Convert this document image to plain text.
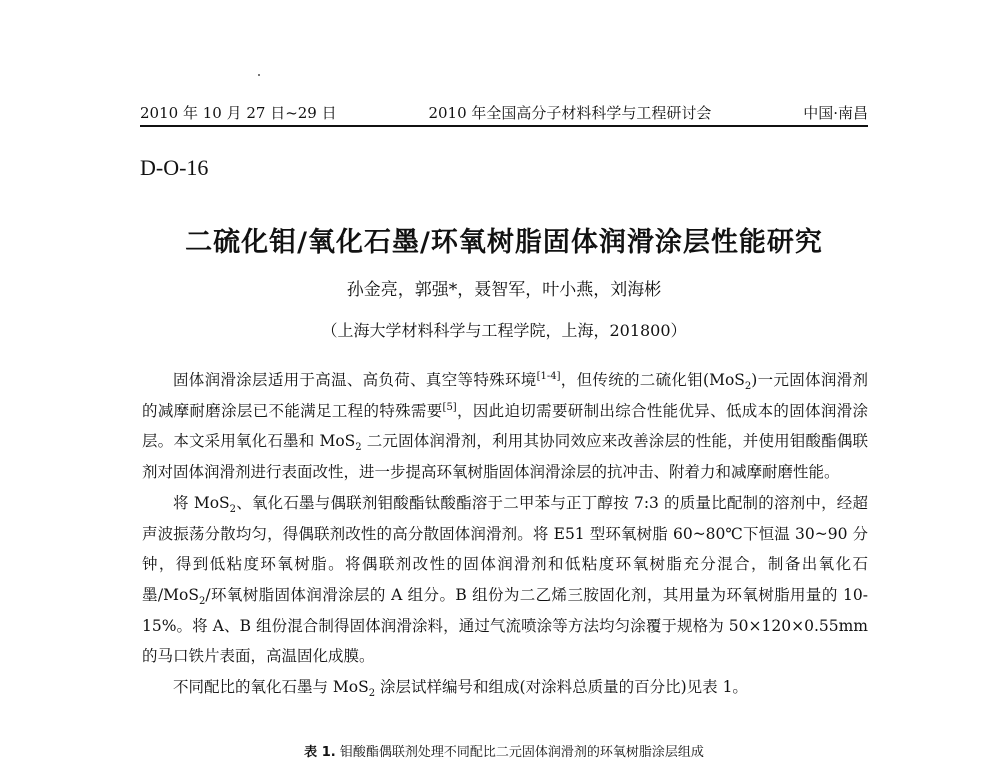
2010 年 10 月 27 日~29 日	2010 年全国高分子材料科学与工程研讨会	中国·南昌
D-O-16
二硫化钼/氧化石墨/环氧树脂固体润滑涂层性能研究
孙金亮，郭强*，聂智军，叶小燕，刘海彬
（上海大学材料科学与工程学院，上海，201800）

固体润滑涂层适用于高温、高负荷、真空等特殊环境[1-4]，但传统的二硫化钼(MoS$_2$)一元固体润滑剂的减摩耐磨涂层已不能满足工程的特殊需要[5]，因此迫切需要研制出综合性能优异、低成本的固体润滑涂层。本文采用氧化石墨和 MoS$_2$ 二元固体润滑剂，利用其协同效应来改善涂层的性能，并使用钼酸酯偶联剂对固体润滑剂进行表面改性，进一步提高环氧树脂固体润滑涂层的抗冲击、附着力和减摩耐磨性能。

将 MoS$_2$、氧化石墨与偶联剂钼酸酯钛酸酯溶于二甲苯与正丁醇按 7:3 的质量比配制的溶剂中，经超声波振荡分散均匀，得偶联剂改性的高分散固体润滑剂。将 E51 型环氧树脂 60~80℃下恒温 30~90 分钟，得到低粘度环氧树脂。将偶联剂改性的固体润滑剂和低粘度环氧树脂充分混合，制备出氧化石墨/MoS$_2$/环氧树脂固体润滑涂层的 A 组分。B 组份为二乙烯三胺固化剂，其用量为环氧树脂用量的 10-15%。将 A、B 组份混合制得固体润滑涂料，通过气流喷涂等方法均匀涂覆于规格为 50×120×0.55mm 的马口铁片表面，高温固化成膜。

不同配比的氧化石墨与 MoS$_2$ 涂层试样编号和组成(对涂料总质量的百分比)见表 1。

表 1. 钼酸酯偶联剂处理不同配比二元固体润滑剂的环氧树脂涂层组成
